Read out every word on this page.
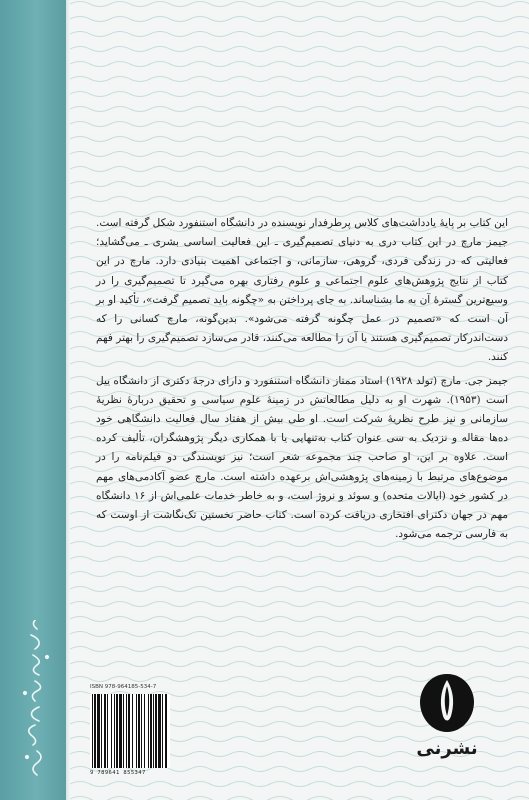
این کتاب بر پایهٔ یادداشت‌های کلاس پرطرفدار نویسنده در دانشگاه استنفورد شکل گرفته است. جیمز مارچ در این کتاب دری به دنیای تصمیم‌گیری ـ این فعالیت اساسی بشری ـ می‌گشاید؛ فعالیتی که در زندگی فردی، گروهی، سازمانی، و اجتماعی اهمیت بنیادی دارد. مارچ در این کتاب از نتایج پژوهش‌های علوم اجتماعی و علوم رفتاری بهره می‌گیرد تا تصمیم‌گیری را در وسیع‌ترین گسترهٔ آن به ما بشناساند. به جای پرداختن به «چگونه باید تصمیم گرفت»، تأکید او بر آن است که «تصمیم در عمل چگونه گرفته می‌شود». بدین‌گونه، مارچ کسانی را که دست‌اندرکار تصمیم‌گیری هستند یا آن را مطالعه می‌کنند، قادر می‌سازد تصمیم‌گیری را بهتر فهم کنند.

جیمز جی. مارچ (تولد ۱۹۲۸) استاد ممتاز دانشگاه استنفورد و دارای درجهٔ دکتری از دانشگاه ییل است (۱۹۵۳). شهرت او به دلیل مطالعاتش در زمینهٔ علوم سیاسی و تحقیق دربارهٔ نظریهٔ سازمانی و نیز طرح نظریهٔ شرکت است. او طی بیش از هفتاد سال فعالیت دانشگاهی خود ده‌ها مقاله و نزدیک به سی عنوان کتاب به‌تنهایی یا با همکاری دیگر پژوهشگران، تألیف کرده است. علاوه بر این، او صاحب چند مجموعه شعر است؛ نیز نویسندگی دو فیلم‌نامه را در موضوع‌های مرتبط با زمینه‌های پژوهشی‌اش برعهده داشته است. مارچ عضو آکادمی‌های مهم در کشور خود (ایالات متحده) و سوئد و نروژ است، و به خاطر خدمات علمی‌اش از ۱۶ دانشگاه مهم در جهان دکترای افتخاری دریافت کرده است. کتاب حاضر نخستین تک‌نگاشت از اوست که به فارسی ترجمه می‌شود.

ISBN 978-964185-534-7
9 789641 855347
نشرنی
